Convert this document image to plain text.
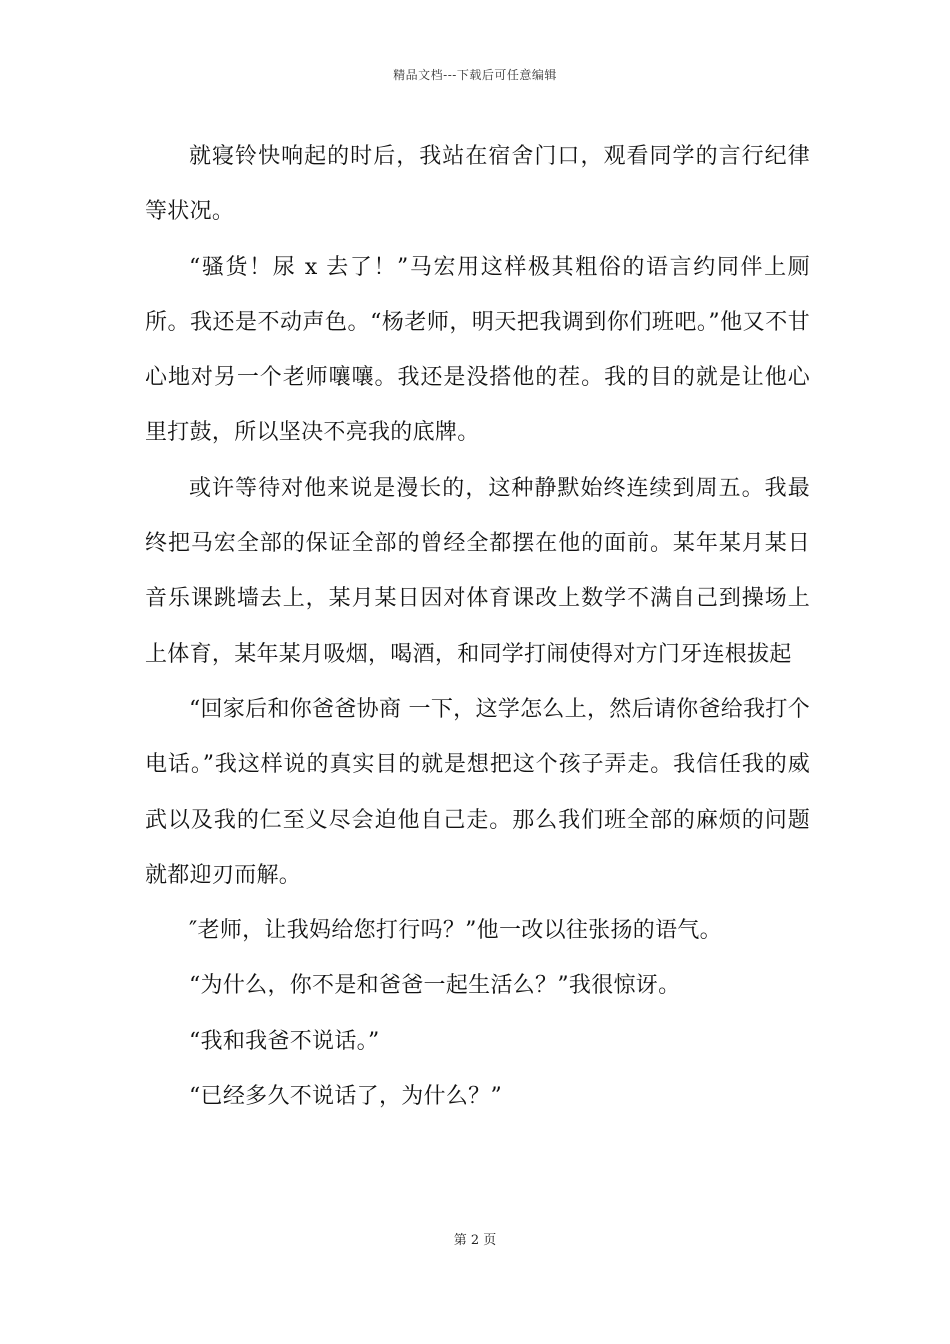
精品文档---下载后可任意编辑

就寝铃快响起的时后，我站在宿舍门口，观看同学的言行纪律等状况。

“骚货！尿 x 去了！”马宏用这样极其粗俗的语言约同伴上厕所。我还是不动声色。“杨老师，明天把我调到你们班吧。”他又不甘心地对另一个老师嚷嚷。我还是没搭他的茬。我的目的就是让他心里打鼓，所以坚决不亮我的底牌。

或许等待对他来说是漫长的，这种静默始终连续到周五。我最终把马宏全部的保证全部的曾经全都摆在他的面前。某年某月某日音乐课跳墙去上，某月某日因对体育课改上数学不满自己到操场上上体育，某年某月吸烟，喝酒，和同学打闹使得对方门牙连根拔起

“回家后和你爸爸协商 一下，这学怎么上，然后请你爸给我打个电话。”我这样说的真实目的就是想把这个孩子弄走。我信任我的威武以及我的仁至义尽会迫他自己走。那么我们班全部的麻烦的问题就都迎刃而解。

″老师，让我妈给您打行吗？”他一改以往张扬的语气。

“为什么，你不是和爸爸一起生活么？”我很惊讶。

“我和我爸不说话。”

“已经多久不说话了，为什么？”

第 2 页
